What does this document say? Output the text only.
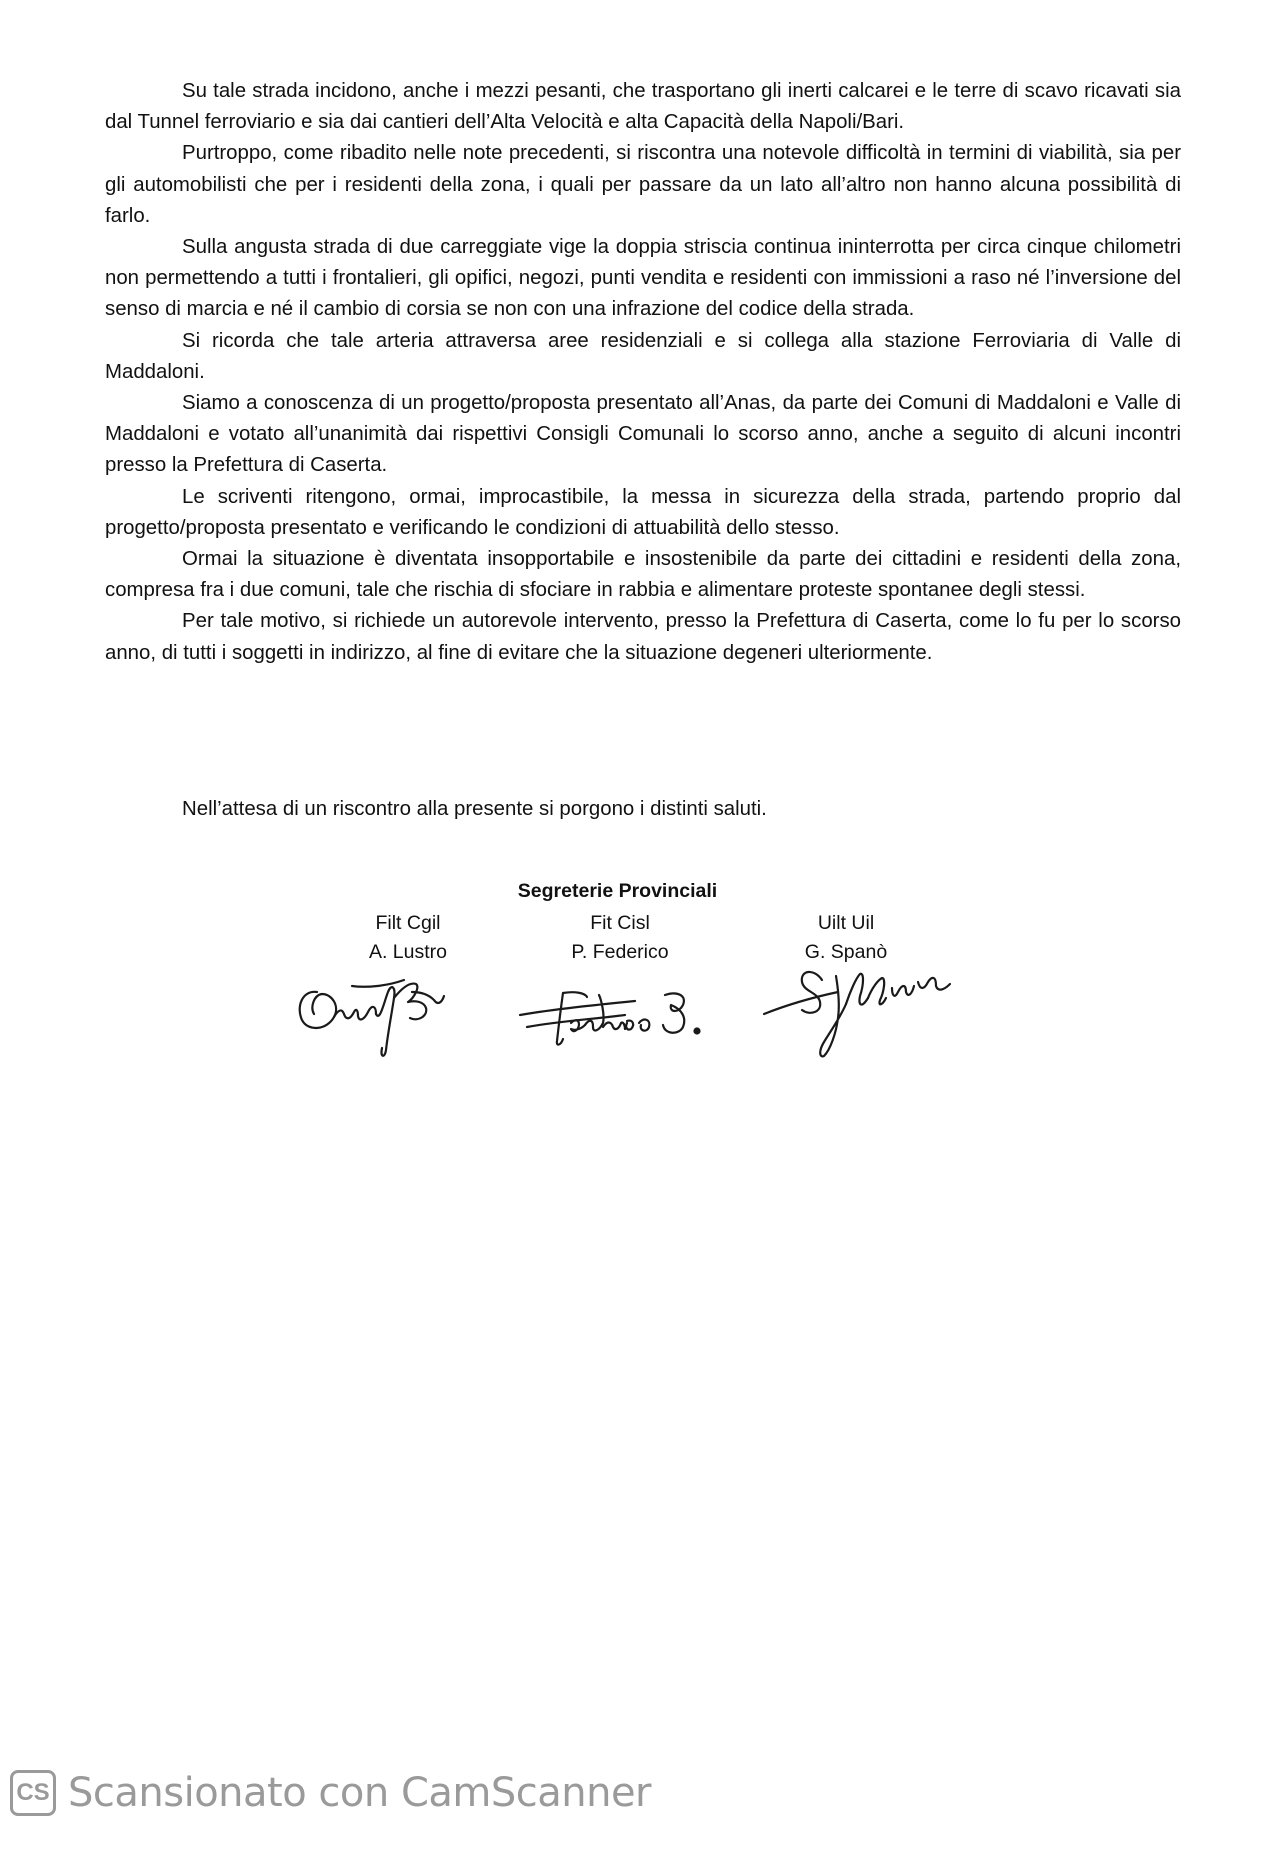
Su tale strada incidono, anche i mezzi pesanti, che trasportano gli inerti calcarei e le terre di scavo ricavati sia dal Tunnel ferroviario e sia dai cantieri dell’Alta Velocità e alta Capacità della Napoli/Bari.

Purtroppo, come ribadito nelle note precedenti, si riscontra una notevole difficoltà in termini di viabilità, sia per gli automobilisti che per i residenti della zona, i quali per passare da un lato all’altro non hanno alcuna possibilità di farlo.

Sulla angusta strada di due carreggiate vige la doppia striscia continua ininterrotta per circa cinque chilometri non permettendo a tutti i frontalieri, gli opifici, negozi, punti vendita e residenti con immissioni a raso né l’inversione del senso di marcia e né il cambio di corsia se non con una infrazione del codice della strada.

Si ricorda che tale arteria attraversa aree residenziali e si collega alla stazione Ferroviaria di Valle di Maddaloni.

Siamo a conoscenza di un progetto/proposta presentato all’Anas, da parte dei Comuni di Maddaloni e Valle di Maddaloni e votato all’unanimità dai rispettivi Consigli Comunali lo scorso anno, anche a seguito di alcuni incontri presso la Prefettura di Caserta.

Le scriventi ritengono, ormai, improcastibile, la messa in sicurezza della strada, partendo proprio dal progetto/proposta presentato e verificando le condizioni di attuabilità dello stesso.

Ormai la situazione è diventata insopportabile e insostenibile da parte dei cittadini e residenti della zona, compresa fra i due comuni, tale che rischia di sfociare in rabbia e alimentare proteste spontanee degli stessi.

Per tale motivo, si richiede un autorevole intervento, presso la Prefettura di Caserta, come lo fu per lo scorso anno, di tutti i soggetti in indirizzo, al fine di evitare che la situazione degeneri ulteriormente.

Nell’attesa di un riscontro alla presente si porgono i distinti saluti.

Segreterie Provinciali
Filt Cgil
A. Lustro
Fit Cisl
P. Federico
Uilt Uil
G. Spanò
CS Scansionato con CamScanner
